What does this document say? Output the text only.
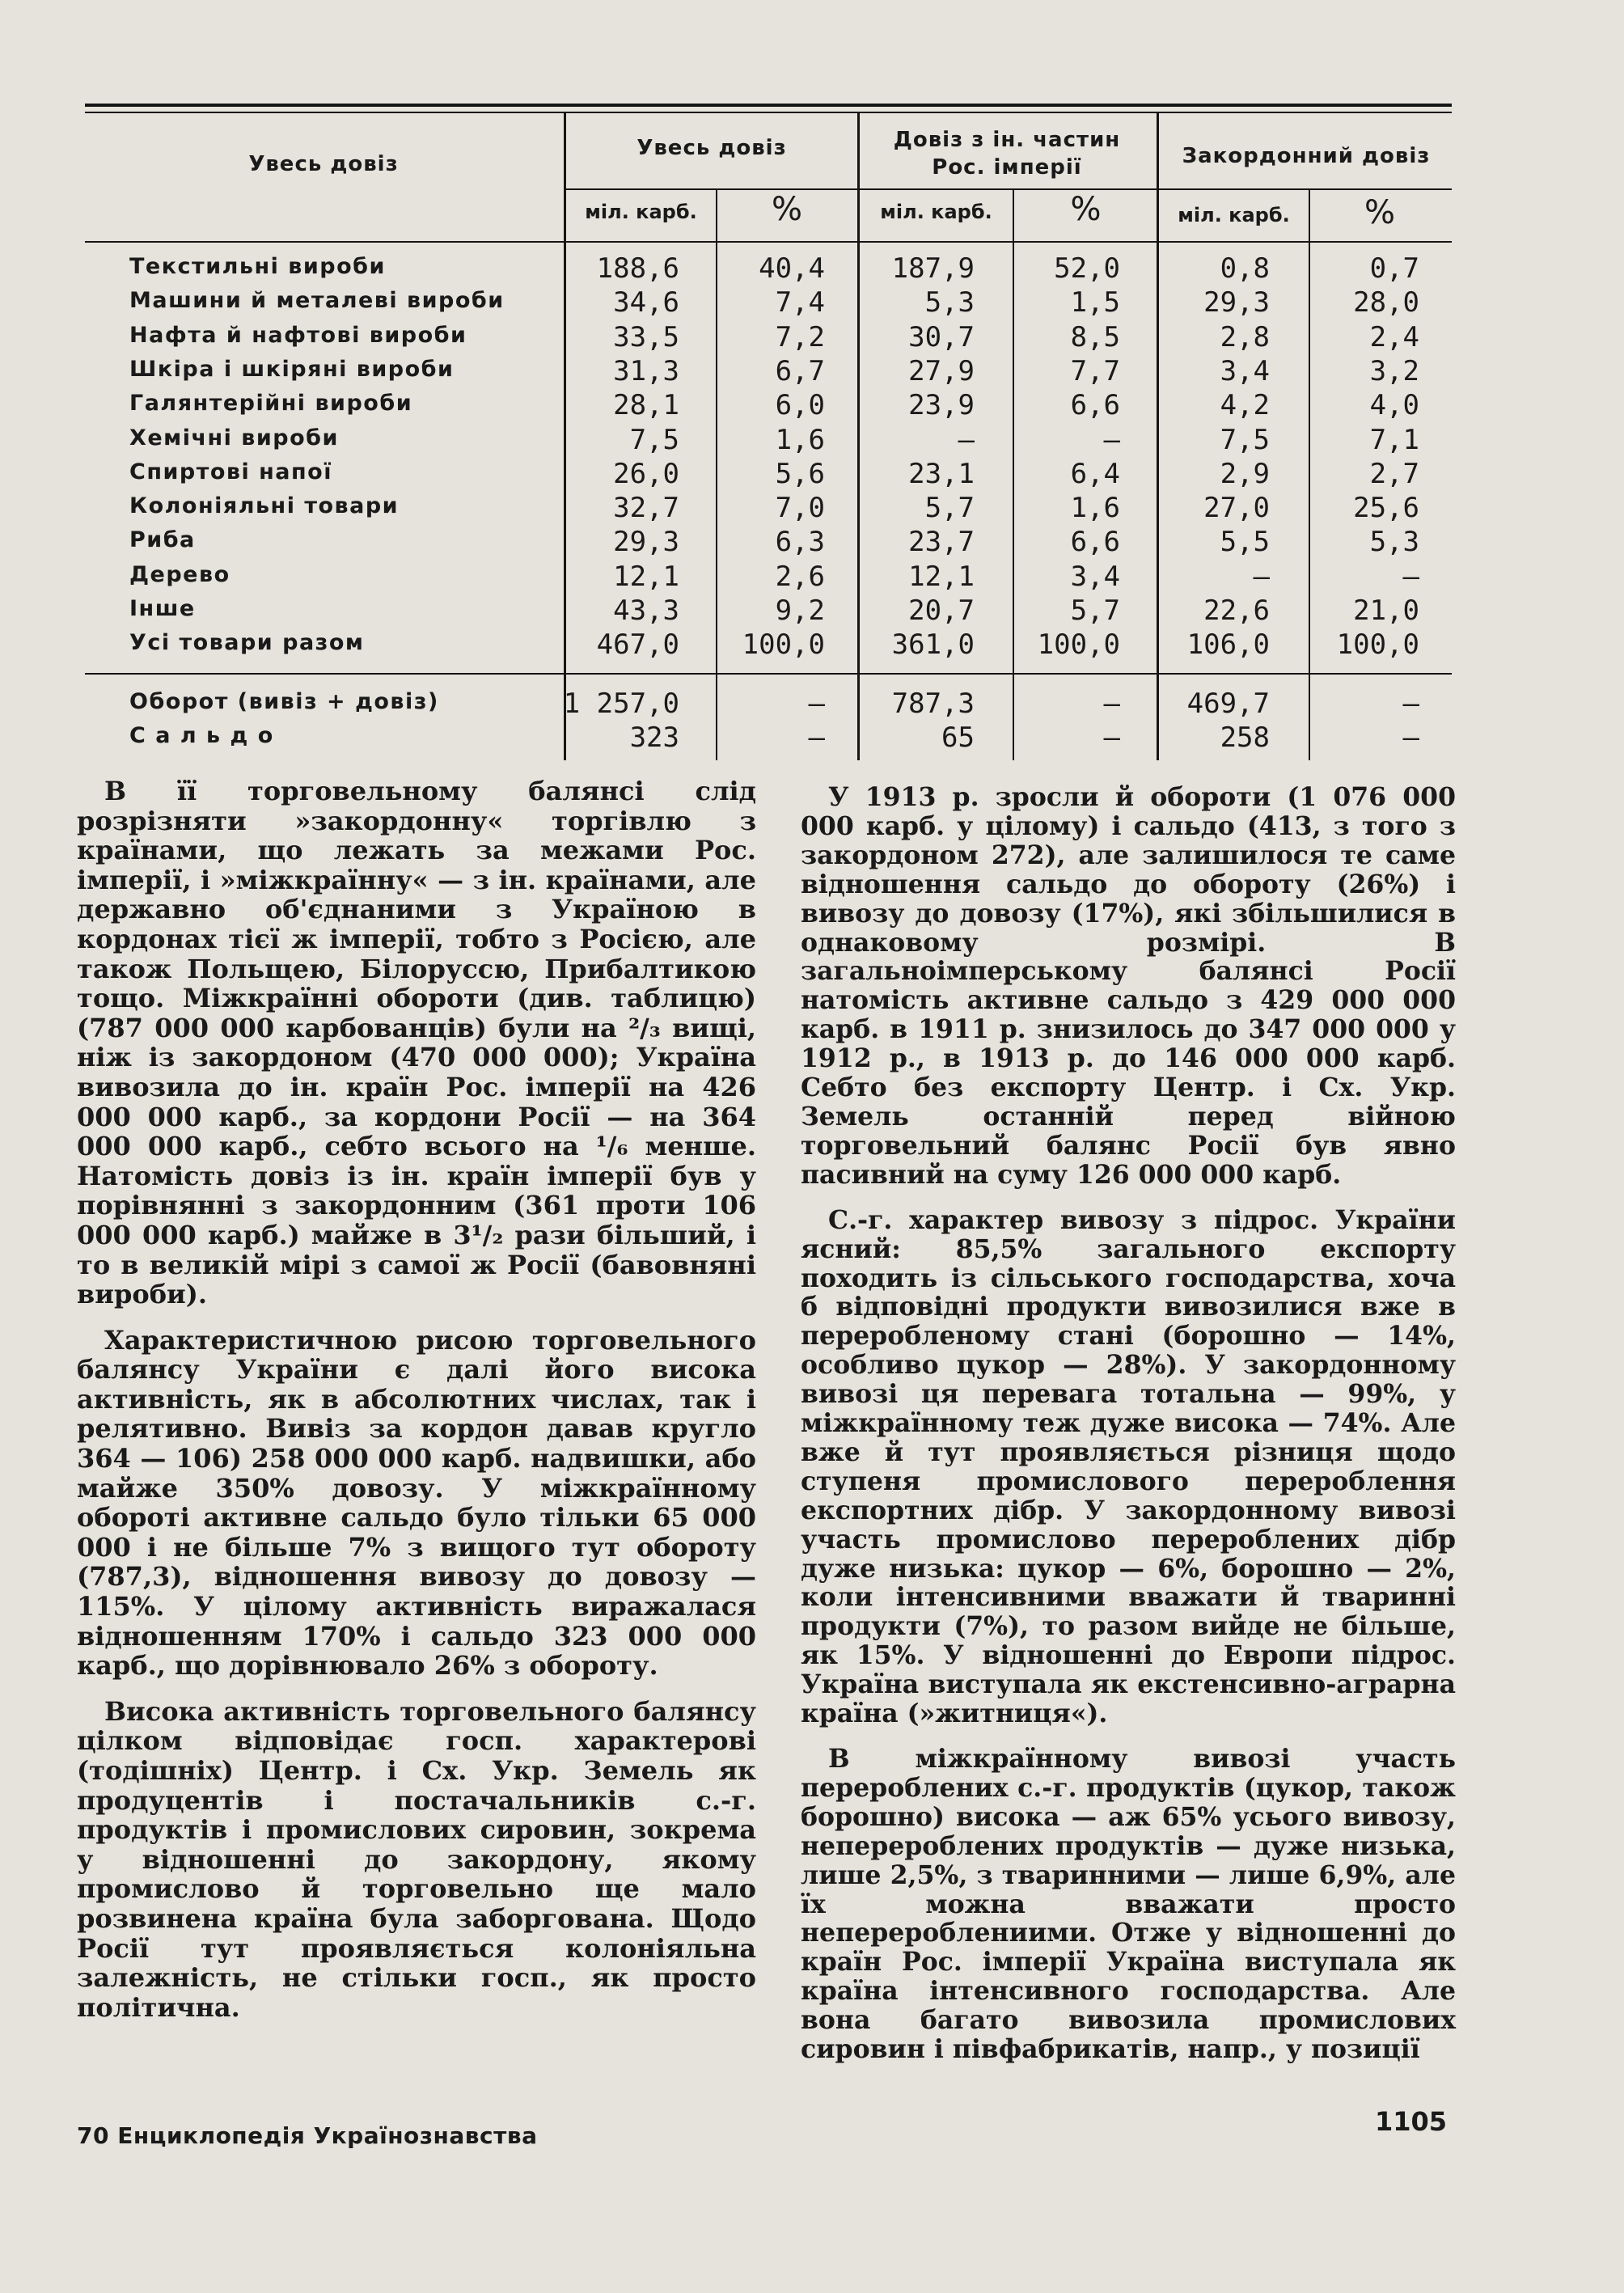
Увесь довіз
Увесь довіз	Довіз з ін. частин Рос. імперії	Закордонний довіз
міл. карб.	%	міл. карб.	%	міл. карб.	%
Текстильні вироби	188,6	40,4	187,9	52,0	0,8	0,7
Машини й металеві вироби	34,6	7,4	5,3	1,5	29,3	28,0
Нафта й нафтові вироби	33,5	7,2	30,7	8,5	2,8	2,4
Шкіра і шкіряні вироби	31,3	6,7	27,9	7,7	3,4	3,2
Галянтерійні вироби	28,1	6,0	23,9	6,6	4,2	4,0
Хемічні вироби	7,5	1,6	—	—	7,5	7,1
Спиртові напої	26,0	5,6	23,1	6,4	2,9	2,7
Колоніяльні товари	32,7	7,0	5,7	1,6	27,0	25,6
Риба	29,3	6,3	23,7	6,6	5,5	5,3
Дерево	12,1	2,6	12,1	3,4	—	—
Інше	43,3	9,2	20,7	5,7	22,6	21,0
Усі товари разом	467,0	100,0	361,0	100,0	106,0	100,0
Оборот (вивіз + довіз)	1 257,0	—	787,3	—	469,7	—
С а л ь д о	323	—	65	—	258	—

В її торговельному балянсі слід розрізняти »закордонну« торгівлю з країнами, що лежать за межами Рос. імперії, і »міжкраїнну« — з ін. країнами, але державно об'єднаними з Україною в кордонах тієї ж імперії, тобто з Росією, але також Польщею, Білоруссю, Прибалтикою тощо. Міжкраїнні обороти (див. таблицю) (787 000 000 карбованців) були на ²/₃ вищі, ніж із закордоном (470 000 000); Україна вивозила до ін. країн Рос. імперії на 426 000 000 карб., за кордони Росії — на 364 000 000 карб., себто всього на ¹/₆ менше. Натомість довіз із ін. країн імперії був у порівнянні з закордонним (361 проти 106 000 000 карб.) майже в 3¹/₂ рази більший, і то в великій мірі з самої ж Росії (бавовняні вироби).

Характеристичною рисою торговельного балянсу України є далі його висока активність, як в абсолютних числах, так і релятивно. Вивіз за кордон давав кругло 364 — 106) 258 000 000 карб. надвишки, або майже 350% довозу. У міжкраїнному обороті активне сальдо було тільки 65 000 000 і не більше 7% з вищого тут обороту (787,3), відношення вивозу до довозу — 115%. У цілому активність виражалася відношенням 170% і сальдо 323 000 000 карб., що дорівнювало 26% з обороту.

Висока активність торговельного балянсу цілком відповідає госп. характерові (тодішніх) Центр. і Сх. Укр. Земель як продуцентів і постачальників с.-г. продуктів і промислових сировин, зокрема у відношенні до закордону, якому промислово й торговельно ще мало розвинена країна була заборгована. Щодо Росії тут проявляється колоніяльна залежність, не стільки госп., як просто політична.

У 1913 р. зросли й обороти (1 076 000 000 карб. у цілому) і сальдо (413, з того з закордоном 272), але залишилося те саме відношення сальдо до обороту (26%) і вивозу до довозу (17%), які збільшилися в однаковому розмірі. В загальноімперському балянсі Росії натомість активне сальдо з 429 000 000 карб. в 1911 р. знизилось до 347 000 000 у 1912 р., в 1913 р. до 146 000 000 карб. Себто без експорту Центр. і Сх. Укр. Земель останній перед війною торговельний балянс Росії був явно пасивний на суму 126 000 000 карб.

С.-г. характер вивозу з підрос. України ясний: 85,5% загального експорту походить із сільського господарства, хоча б відповідні продукти вивозилися вже в переробленому стані (борошно — 14%, особливо цукор — 28%). У закордонному вивозі ця перевага тотальна — 99%, у міжкраїнному теж дуже висока — 74%. Але вже й тут проявляється різниця щодо ступеня промислового перероблення експортних дібр. У закордонному вивозі участь промислово перероблених дібр дуже низька: цукор — 6%, борошно — 2%, коли інтенсивними вважати й тваринні продукти (7%), то разом вийде не більше, як 15%. У відношенні до Европи підрос. Україна виступала як екстенсивно-аграрна країна (»житниця«).

В міжкраїнному вивозі участь перероблених с.-г. продуктів (цукор, також борошно) висока — аж 65% усього вивозу, неперероблених продуктів — дуже низька, лише 2,5%, з тваринними — лише 6,9%, але їх можна вважати просто неперероблениими. Отже у відношенні до країн Рос. імперії Україна виступала як країна інтенсивного господарства. Але вона багато вивозила промислових сировин і півфабрикатів, напр., у позиції

70 Енциклопедія Українознавства	1105
